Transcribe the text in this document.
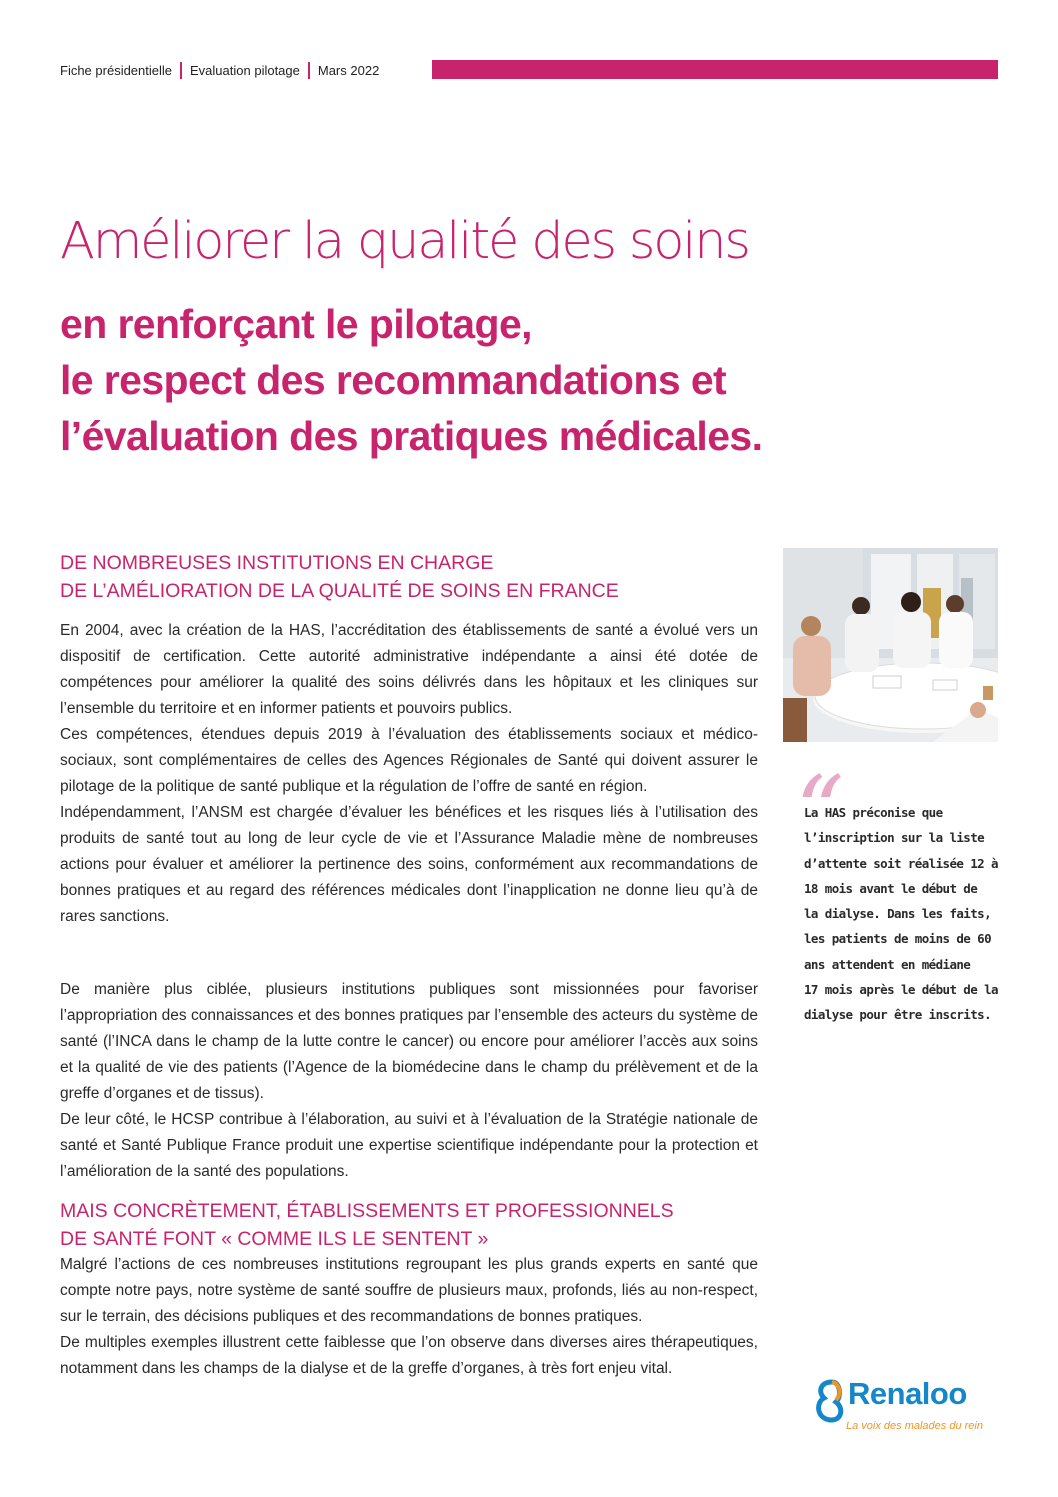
Fiche présidentielle Evaluation pilotage Mars 2022
Améliorer la qualité des soins
en renforçant le pilotage,
le respect des recommandations et
l’évaluation des pratiques médicales.
DE NOMBREUSES INSTITUTIONS EN CHARGE
DE L’AMÉLIORATION DE LA QUALITÉ DE SOINS EN FRANCE

En 2004, avec la création de la HAS, l’accréditation des établissements de santé a évolué vers un dispositif de certification. Cette autorité administrative indépendante a ainsi été dotée de compétences pour améliorer la qualité des soins délivrés dans les hôpitaux et les cliniques sur l’ensemble du territoire et en informer patients et pouvoirs publics.

Ces compétences, étendues depuis 2019 à l’évaluation des établissements sociaux et médico-sociaux, sont complémentaires de celles des Agences Régionales de Santé qui doivent assurer le pilotage de la politique de santé publique et la régulation de l’offre de santé en région.

Indépendamment, l’ANSM est chargée d’évaluer les bénéfices et les risques liés à l’utilisation des produits de santé tout au long de leur cycle de vie et l’Assurance Maladie mène de nombreuses actions pour évaluer et améliorer la pertinence des soins, conformément aux recommandations de bonnes pratiques et au regard des références médicales dont l’inapplication ne donne lieu qu’à de rares sanctions.

De manière plus ciblée, plusieurs institutions publiques sont missionnées pour favoriser l’appropriation des connaissances et des bonnes pratiques par l’ensemble des acteurs du système de santé (l’INCA dans le champ de la lutte contre le cancer) ou encore pour améliorer l’accès aux soins et la qualité de vie des patients (l’Agence de la biomédecine dans le champ du prélèvement et de la greffe d’organes et de tissus).

De leur côté, le HCSP contribue à l’élaboration, au suivi et à l’évaluation de la Stratégie nationale de santé et Santé Publique France produit une expertise scientifique indépendante pour la protection et l’amélioration de la santé des populations.

MAIS CONCRÈTEMENT, ÉTABLISSEMENTS ET PROFESSIONNELS
DE SANTÉ FONT « COMME ILS LE SENTENT »

Malgré l’actions de ces nombreuses institutions regroupant les plus grands experts en santé que compte notre pays, notre système de santé souffre de plusieurs maux, profonds, liés au non-respect, sur le terrain, des décisions publiques et des recommandations de bonnes pratiques.

De multiples exemples illustrent cette faiblesse que l’on observe dans diverses aires thérapeutiques, notamment dans les champs de la dialyse et de la greffe d’organes, à très fort enjeu vital.

“
La HAS préconise que
l’inscription sur la liste
d’attente soit réalisée 12 à
18 mois avant le début de
la dialyse. Dans les faits,
les patients de moins de 60
ans attendent en médiane
17 mois après le début de la
dialyse pour être inscrits.
Renaloo
La voix des malades du rein
